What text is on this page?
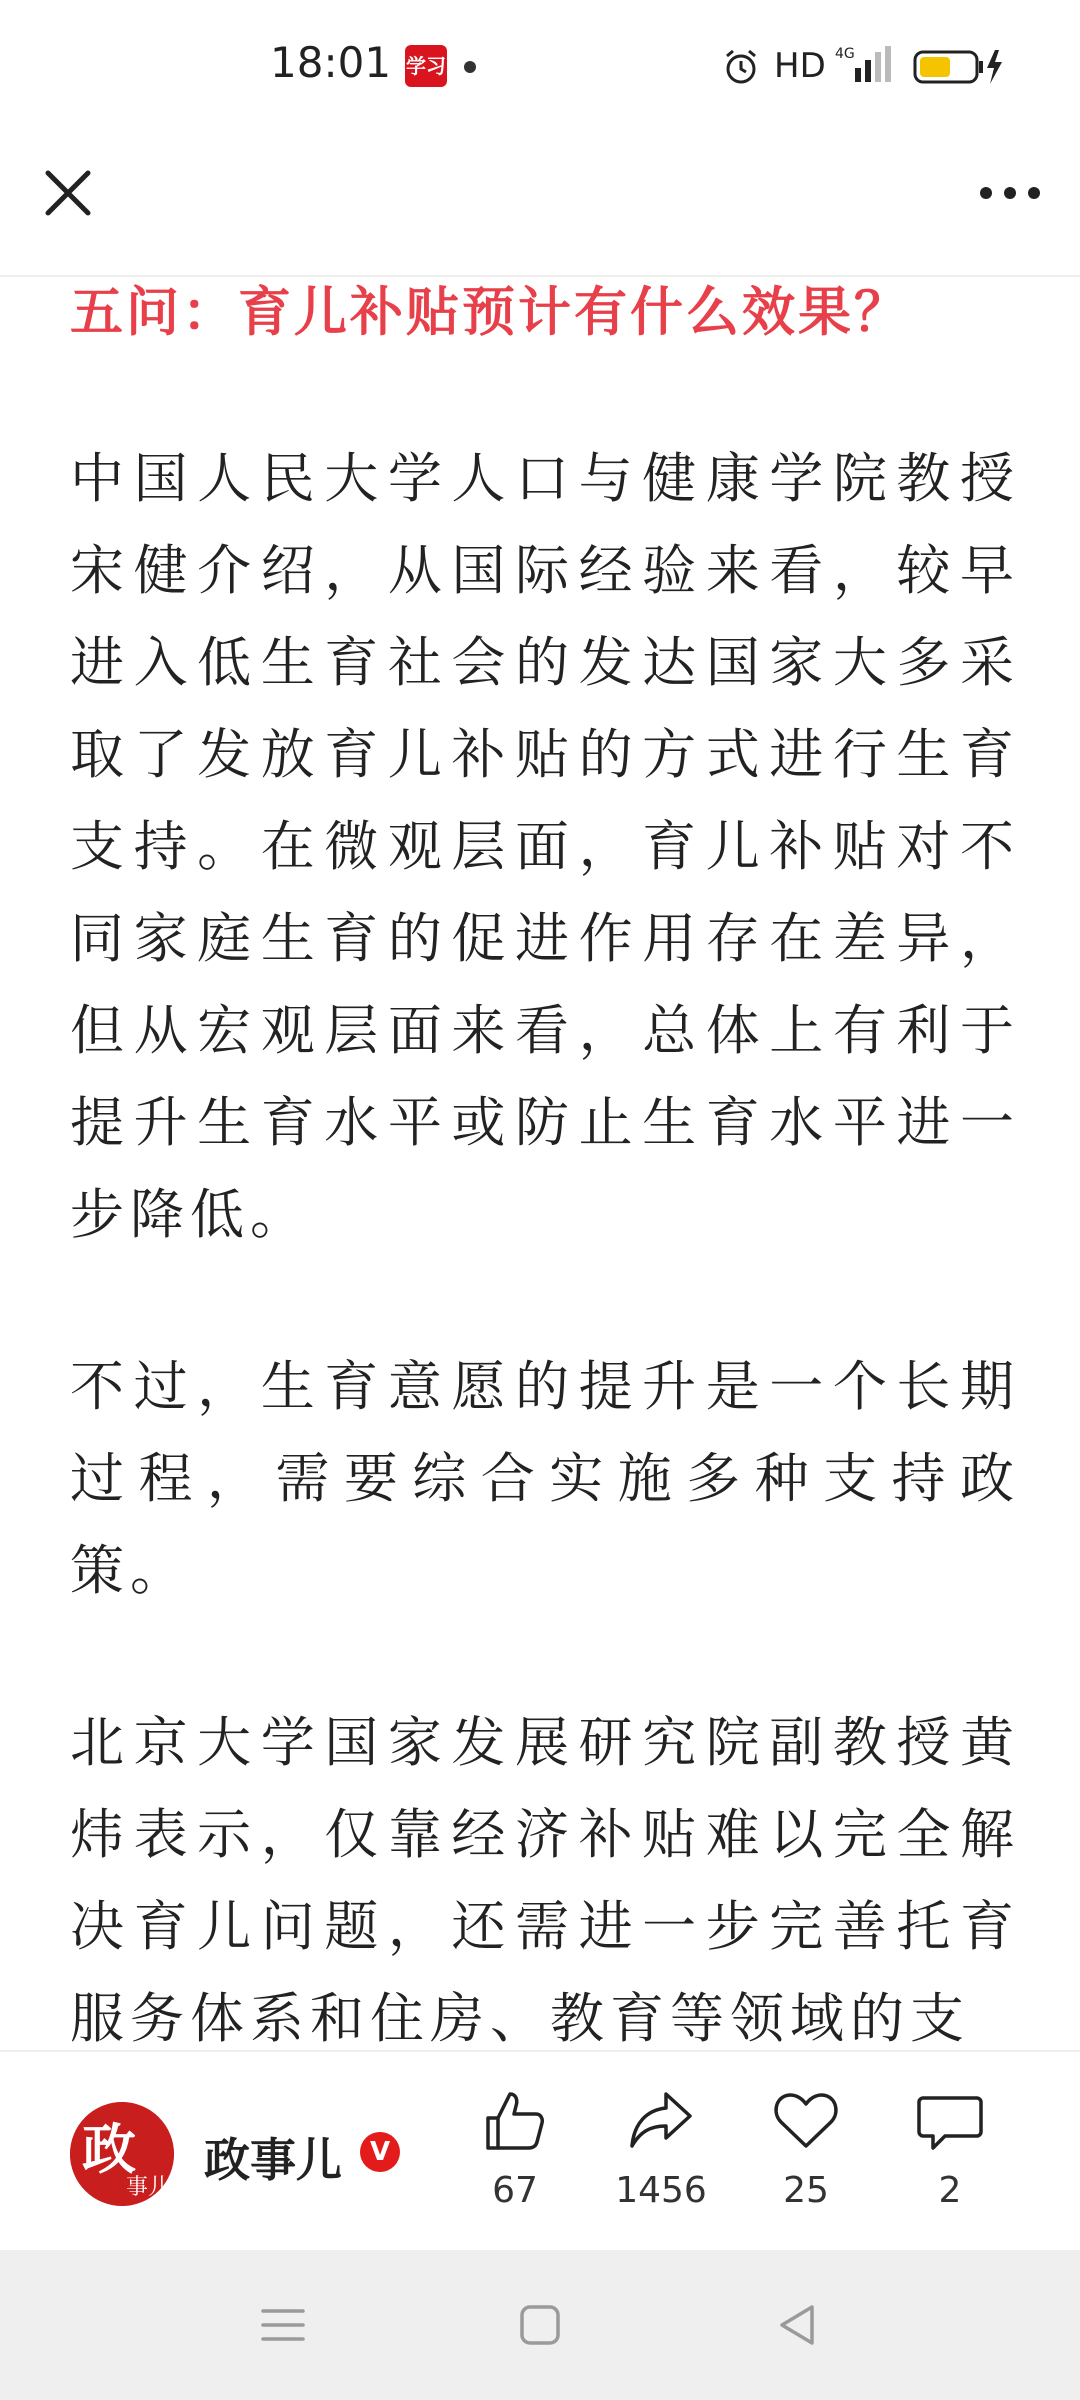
18:01 学习	HD 4G
五问：育儿补贴预计有什么效果？

中国人民大学人口与健康学院教授宋健介绍，从国际经验来看，较早进入低生育社会的发达国家大多采取了发放育儿补贴的方式进行生育支持。在微观层面，育儿补贴对不同家庭生育的促进作用存在差异，但从宏观层面来看，总体上有利于提升生育水平或防止生育水平进一步降低。

不过，生育意愿的提升是一个长期过程，需要综合实施多种支持政策。

北京大学国家发展研究院副教授黄炜表示，仅靠经济补贴难以完全解决育儿问题，还需进一步完善托育服务体系和住房、教育等领域的支

政
事儿
政事儿	V
67	1456	25	2
